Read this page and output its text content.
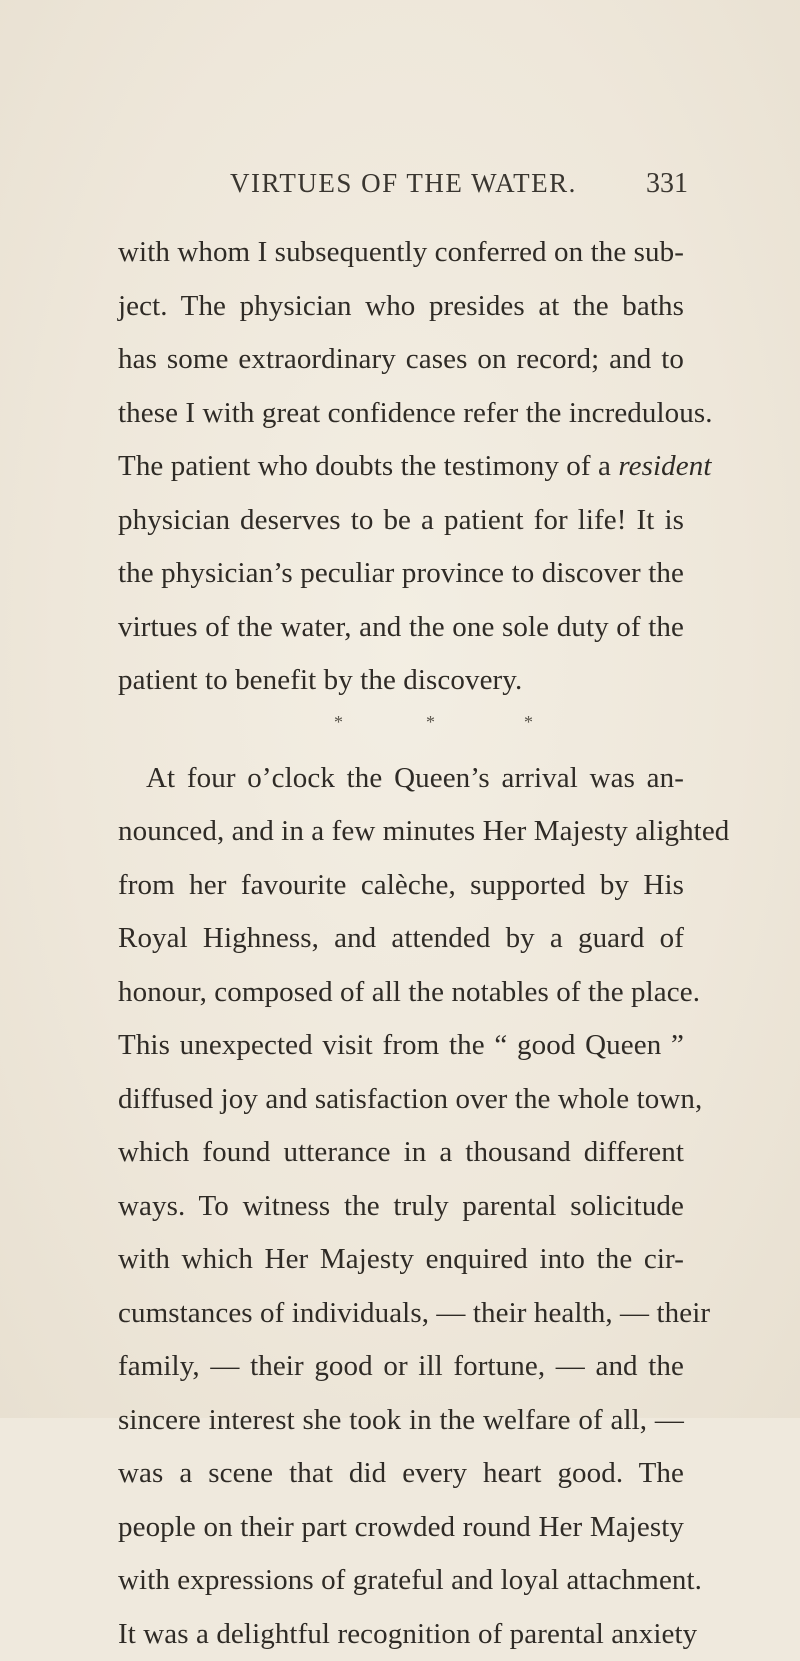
VIRTUES OF THE WATER. 331
with whom I subsequently conferred on the sub-
ject. The physician who presides at the baths
has some extraordinary cases on record; and to
these I with great confidence refer the incredulous.
The patient who doubts the testimony of a resident
physician deserves to be a patient for life! It is
the physician’s peculiar province to discover the
virtues of the water, and the one sole duty of the
patient to benefit by the discovery.
*	*	*
At four o’clock the Queen’s arrival was an-
nounced, and in a few minutes Her Majesty alighted
from her favourite calèche, supported by His
Royal Highness, and attended by a guard of
honour, composed of all the notables of the place.
This unexpected visit from the “ good Queen ”
diffused joy and satisfaction over the whole town,
which found utterance in a thousand different
ways. To witness the truly parental solicitude
with which Her Majesty enquired into the cir-
cumstances of individuals, — their health, — their
family, — their good or ill fortune, — and the
sincere interest she took in the welfare of all, —
was a scene that did every heart good. The
people on their part crowded round Her Majesty
with expressions of grateful and loyal attachment.
It was a delightful recognition of parental anxiety
